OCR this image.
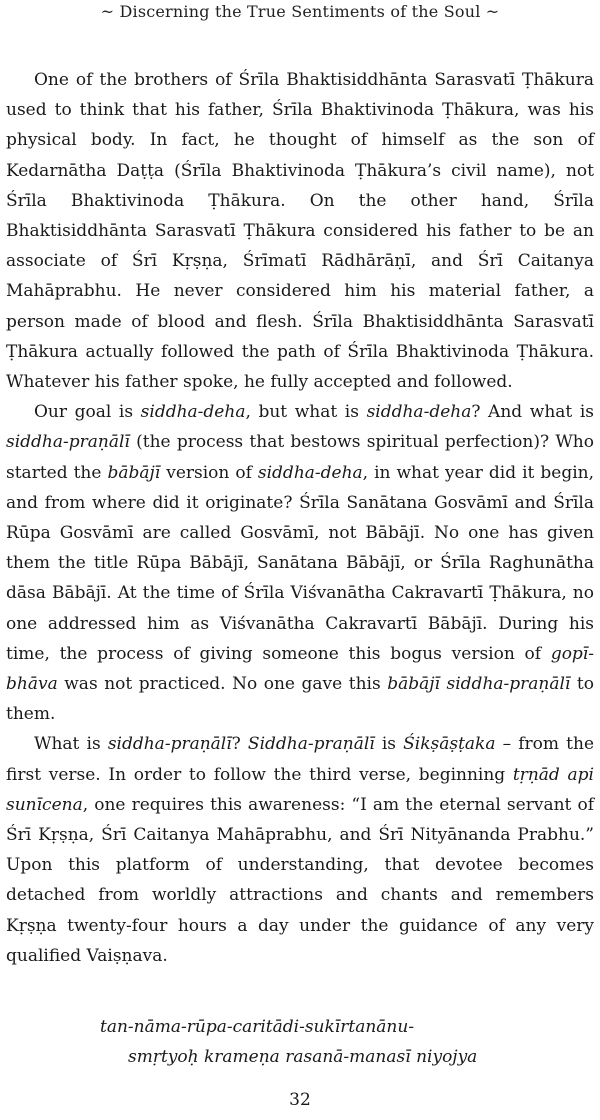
~ Discerning the True Sentiments of the Soul ~

One of the brothers of Śrīla Bhaktisiddhānta Sarasvatī Ṭhākura used to think that his father, Śrīla Bhaktivinoda Ṭhākura, was his physical body. In fact, he thought of himself as the son of Kedarnātha Daṭṭa (Śrīla Bhaktivinoda Ṭhākura’s civil name), not Śrīla Bhaktivinoda Ṭhākura. On the other hand, Śrīla Bhaktisiddhānta Sarasvatī Ṭhākura considered his father to be an associate of Śrī Kṛṣṇa, Śrīmatī Rādhārāṇī, and Śrī Caitanya Mahāprabhu. He never considered him his material father, a person made of blood and flesh. Śrīla Bhaktisiddhānta Sarasvatī Ṭhākura actually followed the path of Śrīla Bhaktivinoda Ṭhākura. Whatever his father spoke, he fully accepted and followed.

Our goal is siddha-deha, but what is siddha-deha? And what is siddha-praṇālī (the process that bestows spiritual perfection)? Who started the bābājī version of siddha-deha, in what year did it begin, and from where did it originate? Śrīla Sanātana Gosvāmī and Śrīla Rūpa Gosvāmī are called Gosvāmī, not Bābājī. No one has given them the title Rūpa Bābājī, Sanātana Bābājī, or Śrīla Raghunātha dāsa Bābājī. At the time of Śrīla Viśvanātha Cakravartī Ṭhākura, no one addressed him as Viśvanātha Cakravartī Bābājī. During his time, the process of giving someone this bogus version of gopī-bhāva was not practiced. No one gave this bābājī siddha-praṇālī to them.

What is siddha-praṇālī? Siddha-praṇālī is Śikṣāṣṭaka – from the first verse. In order to follow the third verse, beginning tṛṇād api sunīcena, one requires this awareness: “I am the eternal servant of Śrī Kṛṣṇa, Śrī Caitanya Mahāprabhu, and Śrī Nityānanda Prabhu.” Upon this platform of understanding, that devotee becomes detached from worldly attractions and chants and remembers Kṛṣṇa twenty-four hours a day under the guidance of any very qualified Vaiṣṇava.

tan-nāma-rūpa-caritādi-sukīrtanānu-
smṛtyoḥ krameṇa rasanā-manasī niyojya
32
